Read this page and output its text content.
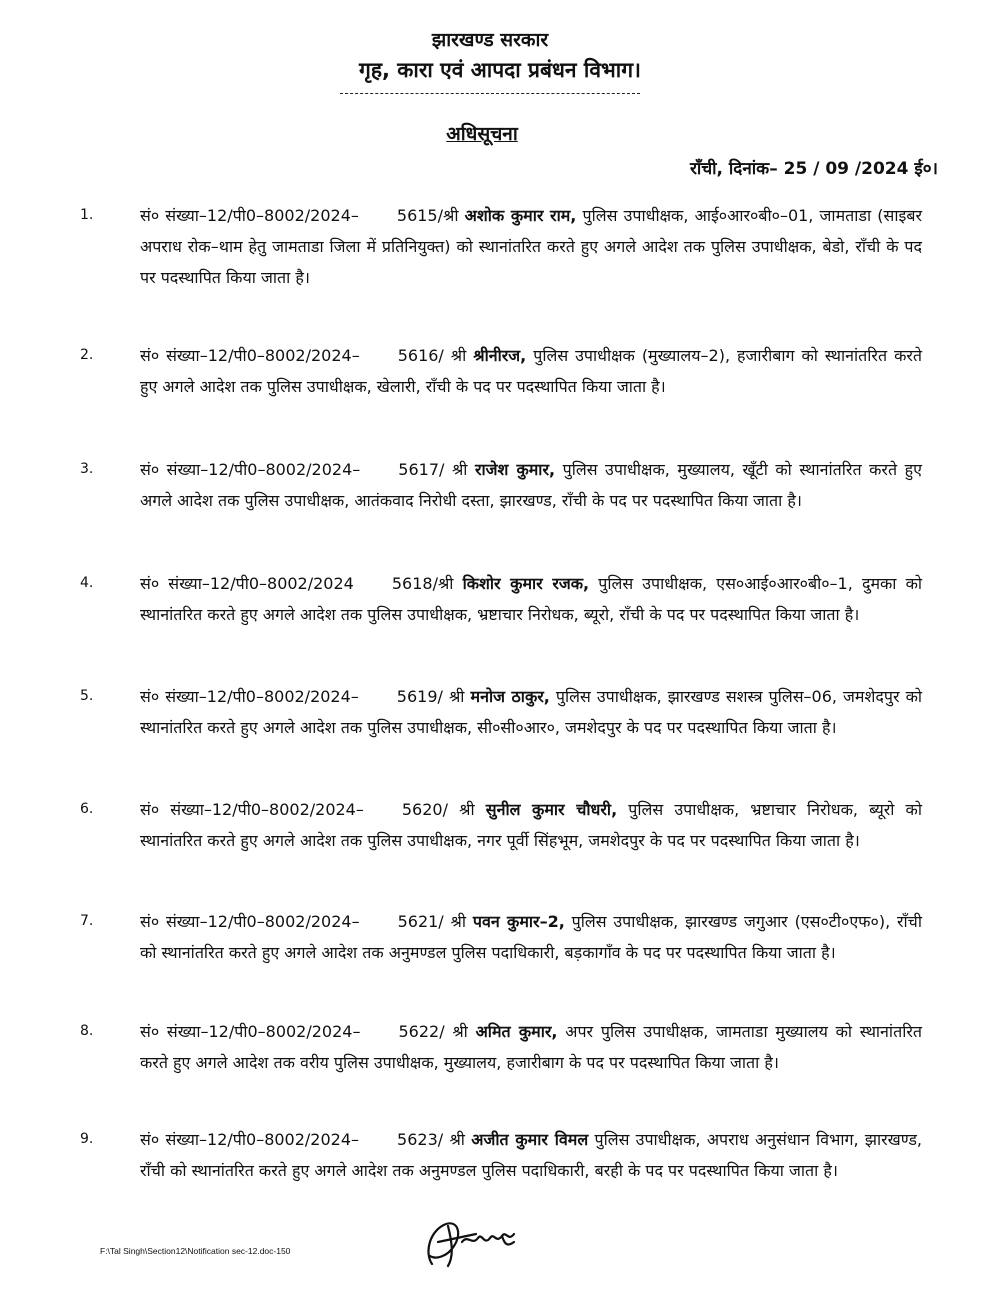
झारखण्ड सरकार
गृह, कारा एवं आपदा प्रबंधन विभाग।
अधिसूचना
राँची, दिनांक– 25 / 09 /2024 ई०।
1.	सं० संख्या–12/पी0–8002/2024– 5615/श्री अशोक कुमार राम, पुलिस उपाधीक्षक, आई०आर०बी०–01, जामताडा (साइबर अपराध रोक–थाम हेतु जामताडा जिला में प्रतिनियुक्त) को स्थानांतरित करते हुए अगले आदेश तक पुलिस उपाधीक्षक, बेडो, राँची के पद पर पदस्थापित किया जाता है।
2.	सं० संख्या–12/पी0–8002/2024– 5616/ श्री श्रीनीरज, पुलिस उपाधीक्षक (मुख्यालय–2), हजारीबाग को स्थानांतरित करते हुए अगले आदेश तक पुलिस उपाधीक्षक, खेलारी, राँची के पद पर पदस्थापित किया जाता है।
3.	सं० संख्या–12/पी0–8002/2024– 5617/ श्री राजेश कुमार, पुलिस उपाधीक्षक, मुख्यालय, खूँटी को स्थानांतरित करते हुए अगले आदेश तक पुलिस उपाधीक्षक, आतंकवाद निरोधी दस्ता, झारखण्ड, राँची के पद पर पदस्थापित किया जाता है।
4.	सं० संख्या–12/पी0–8002/2024 5618/श्री किशोर कुमार रजक, पुलिस उपाधीक्षक, एस०आई०आर०बी०–1, दुमका को स्थानांतरित करते हुए अगले आदेश तक पुलिस उपाधीक्षक, भ्रष्टाचार निरोधक, ब्यूरो, राँची के पद पर पदस्थापित किया जाता है।
5.	सं० संख्या–12/पी0–8002/2024– 5619/ श्री मनोज ठाकुर, पुलिस उपाधीक्षक, झारखण्ड सशस्त्र पुलिस–06, जमशेदपुर को स्थानांतरित करते हुए अगले आदेश तक पुलिस उपाधीक्षक, सी०सी०आर०, जमशेदपुर के पद पर पदस्थापित किया जाता है।
6.	सं० संख्या–12/पी0–8002/2024– 5620/ श्री सुनील कुमार चौधरी, पुलिस उपाधीक्षक, भ्रष्टाचार निरोधक, ब्यूरो को स्थानांतरित करते हुए अगले आदेश तक पुलिस उपाधीक्षक, नगर पूर्वी सिंहभूम, जमशेदपुर के पद पर पदस्थापित किया जाता है।
7.	सं० संख्या–12/पी0–8002/2024– 5621/ श्री पवन कुमार–2, पुलिस उपाधीक्षक, झारखण्ड जगुआर (एस०टी०एफ०), राँची को स्थानांतरित करते हुए अगले आदेश तक अनुमण्डल पुलिस पदाधिकारी, बड़कागाँव के पद पर पदस्थापित किया जाता है।
8.	सं० संख्या–12/पी0–8002/2024– 5622/ श्री अमित कुमार, अपर पुलिस उपाधीक्षक, जामताडा मुख्यालय को स्थानांतरित करते हुए अगले आदेश तक वरीय पुलिस उपाधीक्षक, मुख्यालय, हजारीबाग के पद पर पदस्थापित किया जाता है।
9.	सं० संख्या–12/पी0–8002/2024– 5623/ श्री अजीत कुमार विमल पुलिस उपाधीक्षक, अपराध अनुसंधान विभाग, झारखण्ड, राँची को स्थानांतरित करते हुए अगले आदेश तक अनुमण्डल पुलिस पदाधिकारी, बरही के पद पर पदस्थापित किया जाता है।
F:\Tal Singh\Section12\Notification sec-12.doc-150
